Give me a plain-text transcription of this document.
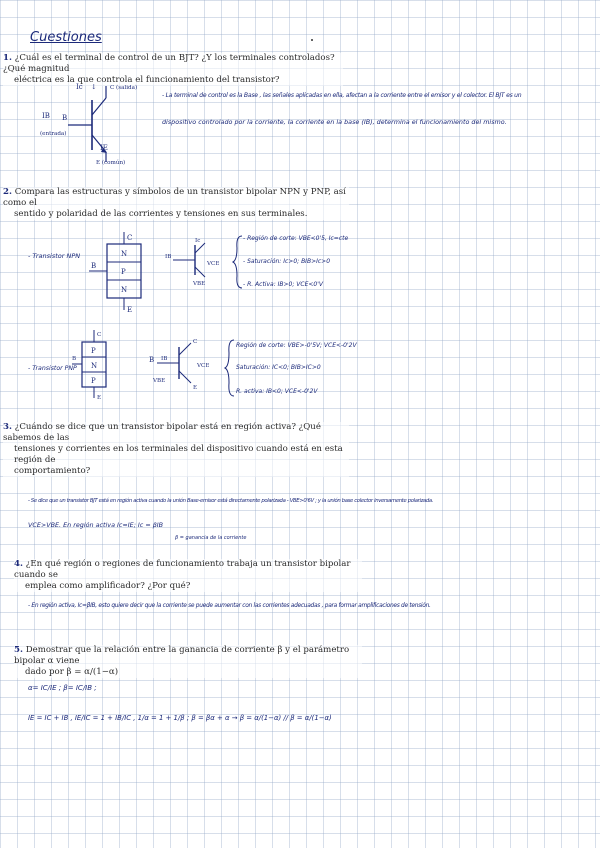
Cuestiones
1. ¿Cuál es el terminal de control de un BJT? ¿Y los terminales controlados? ¿Qué magnitud
eléctrica es la que controla el funcionamiento del transistor?
Ic ↓ C (salida)
IB B
(entrada)
IE
E (común)
- La terminal de control es la Base , las señales aplicadas en ella, afectan a la corriente entre el emisor y el colector. El BJT es un
dispositivo controlado por la corriente, la corriente en la base (IB), determina el funcionamiento del mismo.
2. Compara las estructuras y símbolos de un transistor bipolar NPN y PNP, así como el
sentido y polaridad de las corrientes y tensiones en sus terminales.
- Transistor NPN	N
P
N
C
B
E
Ic
IB
VCE
VBE
- Región de corte: VBE<0'5, Ic=cte
- Saturación: Ic>0; BIB>Ic>0
- R. Activa: IB>0; VCE<0'V
- Transistor PNP
P
N
P
C
B
E
C
B IB
VBE
VCE
E
Región de corte: VBE>-0'5V; VCE<-0'2V
Saturación: IC<0; BIB>IC>0
R. activa: IB<0; VCE<-0'2V
3. ¿Cuándo se dice que un transistor bipolar está en región activa? ¿Qué sabemos de las
tensiones y corrientes en los terminales del dispositivo cuando está en esta región de
comportamiento?
- Se dice que un transistor BJT está en región activa cuando la unión Base-emisor está directamente polarizada - VBE>0'6V ; y la unión base colector inversamente polarizada.
VCE>VBE. En región activa Ic≈IE; Ic = βIB
β = ganancia de la corriente
4. ¿En qué región o regiones de funcionamiento trabaja un transistor bipolar cuando se
emplea como amplificador? ¿Por qué?
- En región activa, Ic=βIB, esto quiere decir que la corriente se puede aumentar con las corrientes adecuadas , para formar amplificaciones de tensión.
5. Demostrar que la relación entre la ganancia de corriente β y el parámetro bipolar α viene
dado por β = α/(1−α)
α= IC/IE ; β= IC/IB ;
IE = IC + IB , IE/IC = 1 + IB/IC , 1/α = 1 + 1/β ; β = βα + α → β = α/(1−α) // β = α/(1−α)
